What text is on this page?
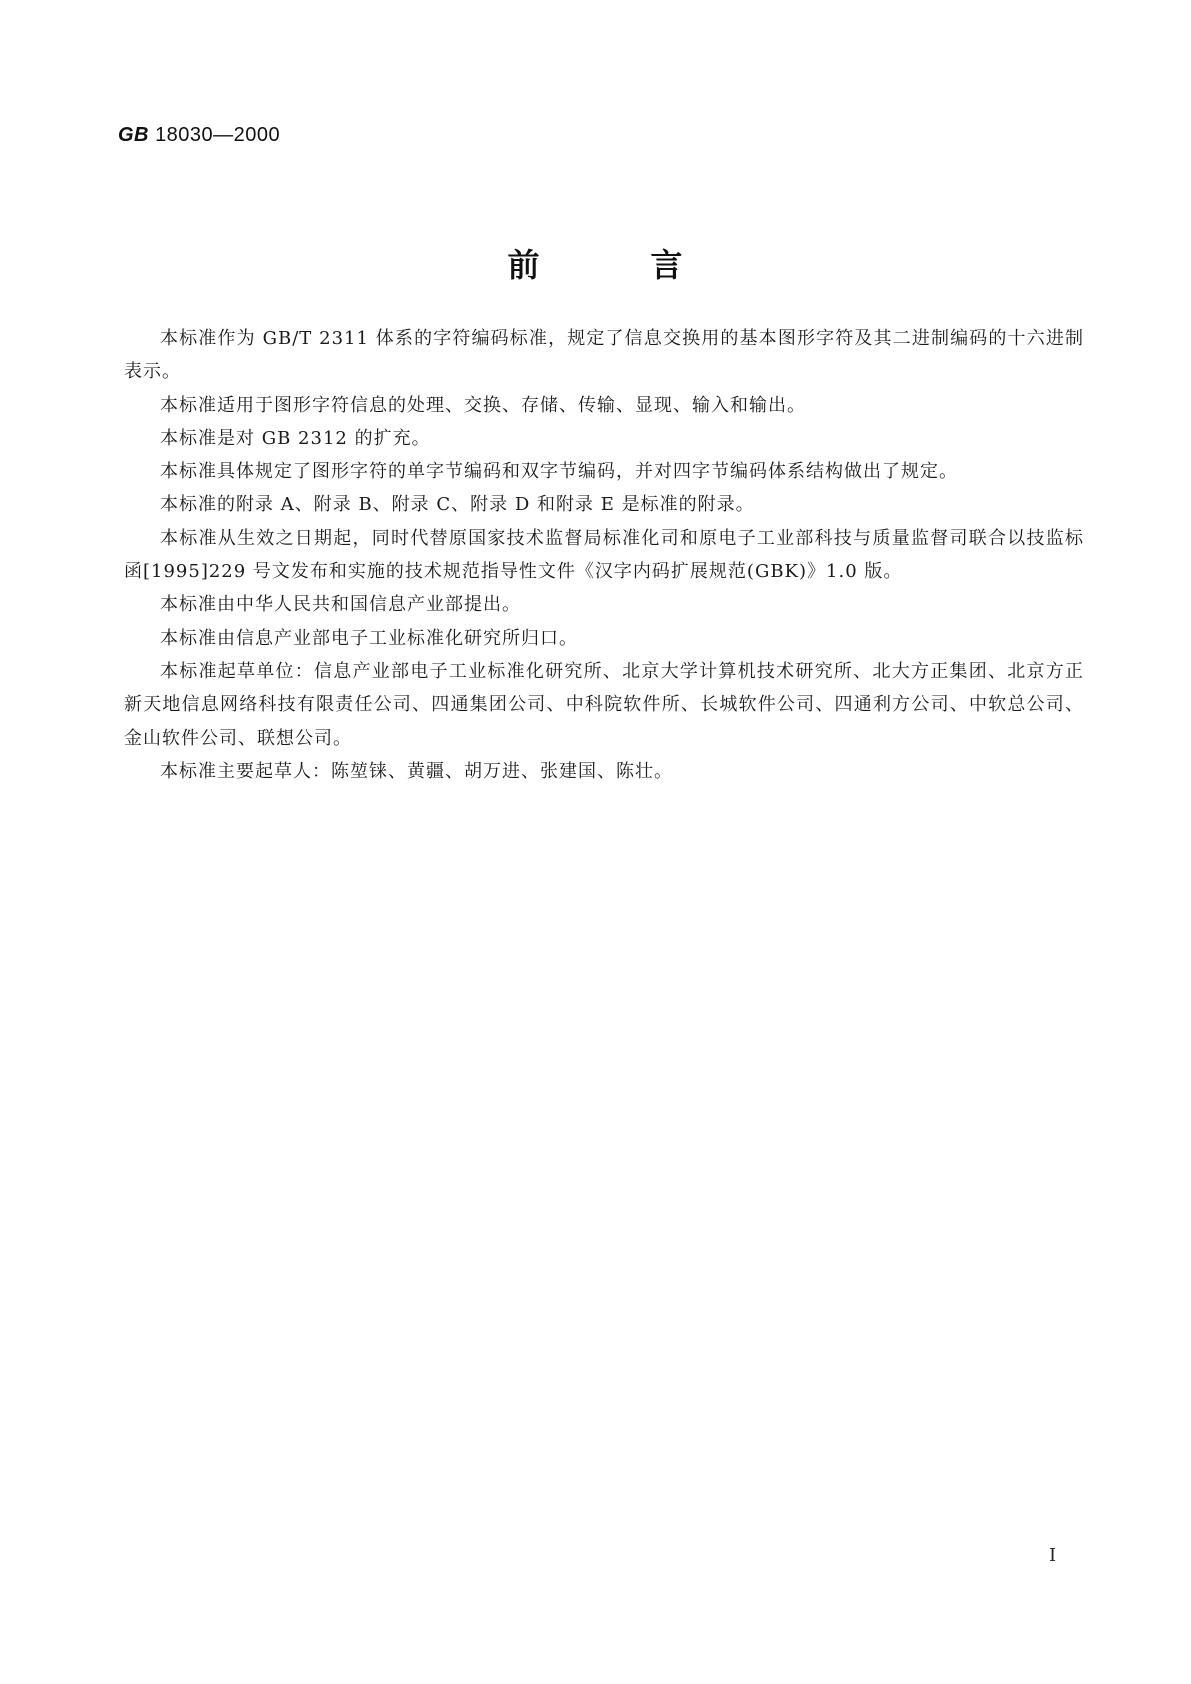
GB 18030—2000
前	言

本标准作为 GB/T 2311 体系的字符编码标准，规定了信息交换用的基本图形字符及其二进制编码的十六进制表示。

本标准适用于图形字符信息的处理、交换、存储、传输、显现、输入和输出。

本标准是对 GB 2312 的扩充。

本标准具体规定了图形字符的单字节编码和双字节编码，并对四字节编码体系结构做出了规定。

本标准的附录 A、附录 B、附录 C、附录 D 和附录 E 是标准的附录。

本标准从生效之日期起，同时代替原国家技术监督局标准化司和原电子工业部科技与质量监督司联合以技监标函[1995]229 号文发布和实施的技术规范指导性文件《汉字内码扩展规范(GBK)》1.0 版。

本标准由中华人民共和国信息产业部提出。

本标准由信息产业部电子工业标准化研究所归口。

本标准起草单位：信息产业部电子工业标准化研究所、北京大学计算机技术研究所、北大方正集团、北京方正新天地信息网络科技有限责任公司、四通集团公司、中科院软件所、长城软件公司、四通利方公司、中软总公司、金山软件公司、联想公司。

本标准主要起草人：陈堃铼、黄疆、胡万进、张建国、陈壮。

I
